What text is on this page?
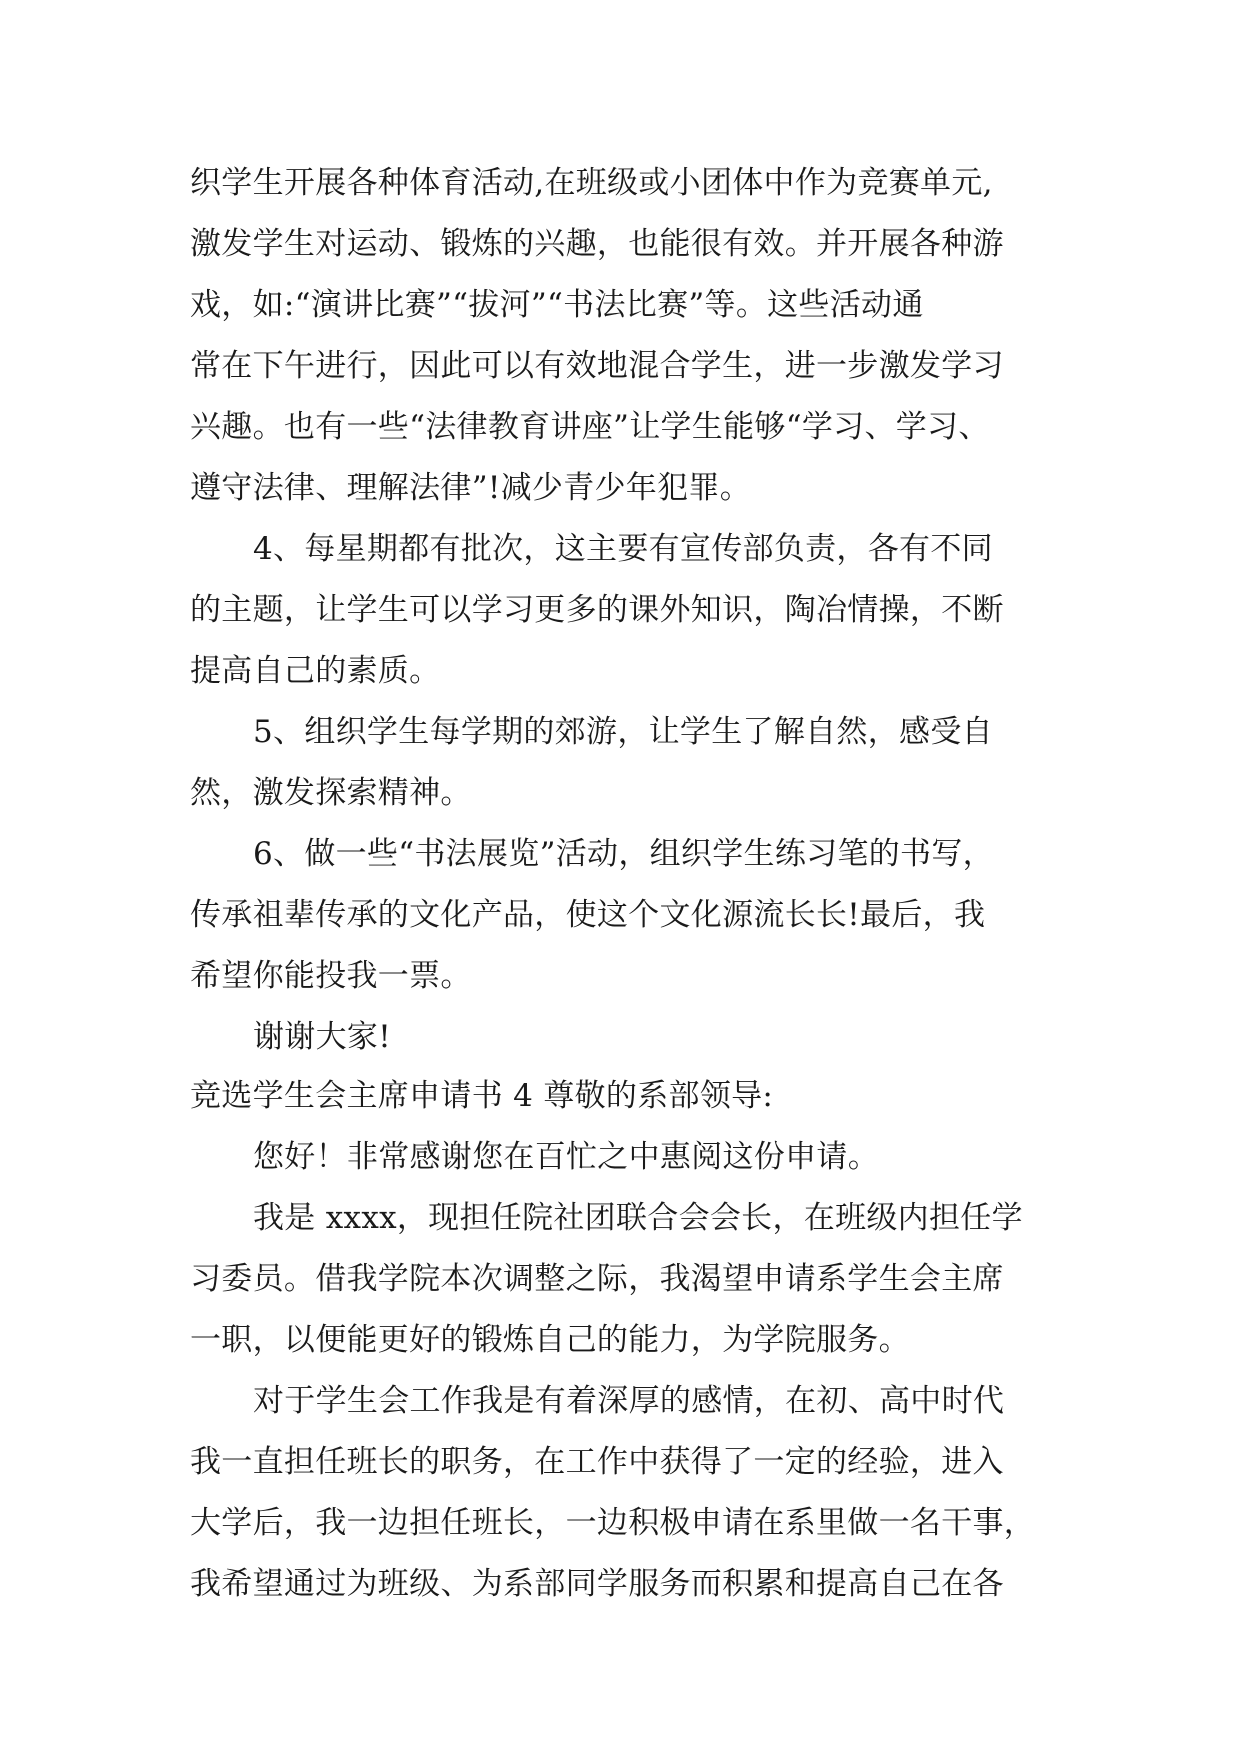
织学生开展各种体育活动,在班级或小团体中作为竞赛单元,
激发学生对运动、锻炼的兴趣，也能很有效。并开展各种游
戏，如:“演讲比赛”“拔河”“书法比赛”等。这些活动通
常在下午进行，因此可以有效地混合学生，进一步激发学习
兴趣。也有一些“法律教育讲座”让学生能够“学习、学习、
遵守法律、理解法律”!减少青少年犯罪。
4、每星期都有批次，这主要有宣传部负责，各有不同
的主题，让学生可以学习更多的课外知识，陶冶情操，不断
提高自己的素质。
5、组织学生每学期的郊游，让学生了解自然，感受自
然，激发探索精神。
6、做一些“书法展览”活动，组织学生练习笔的书写，
传承祖辈传承的文化产品，使这个文化源流长长!最后，我
希望你能投我一票。
谢谢大家!
竞选学生会主席申请书 4 尊敬的系部领导:
您好！非常感谢您在百忙之中惠阅这份申请。
我是 xxxx，现担任院社团联合会会长，在班级内担任学
习委员。借我学院本次调整之际，我渴望申请系学生会主席
一职，以便能更好的锻炼自己的能力，为学院服务。
对于学生会工作我是有着深厚的感情，在初、高中时代
我一直担任班长的职务，在工作中获得了一定的经验，进入
大学后，我一边担任班长，一边积极申请在系里做一名干事，
我希望通过为班级、为系部同学服务而积累和提高自己在各
